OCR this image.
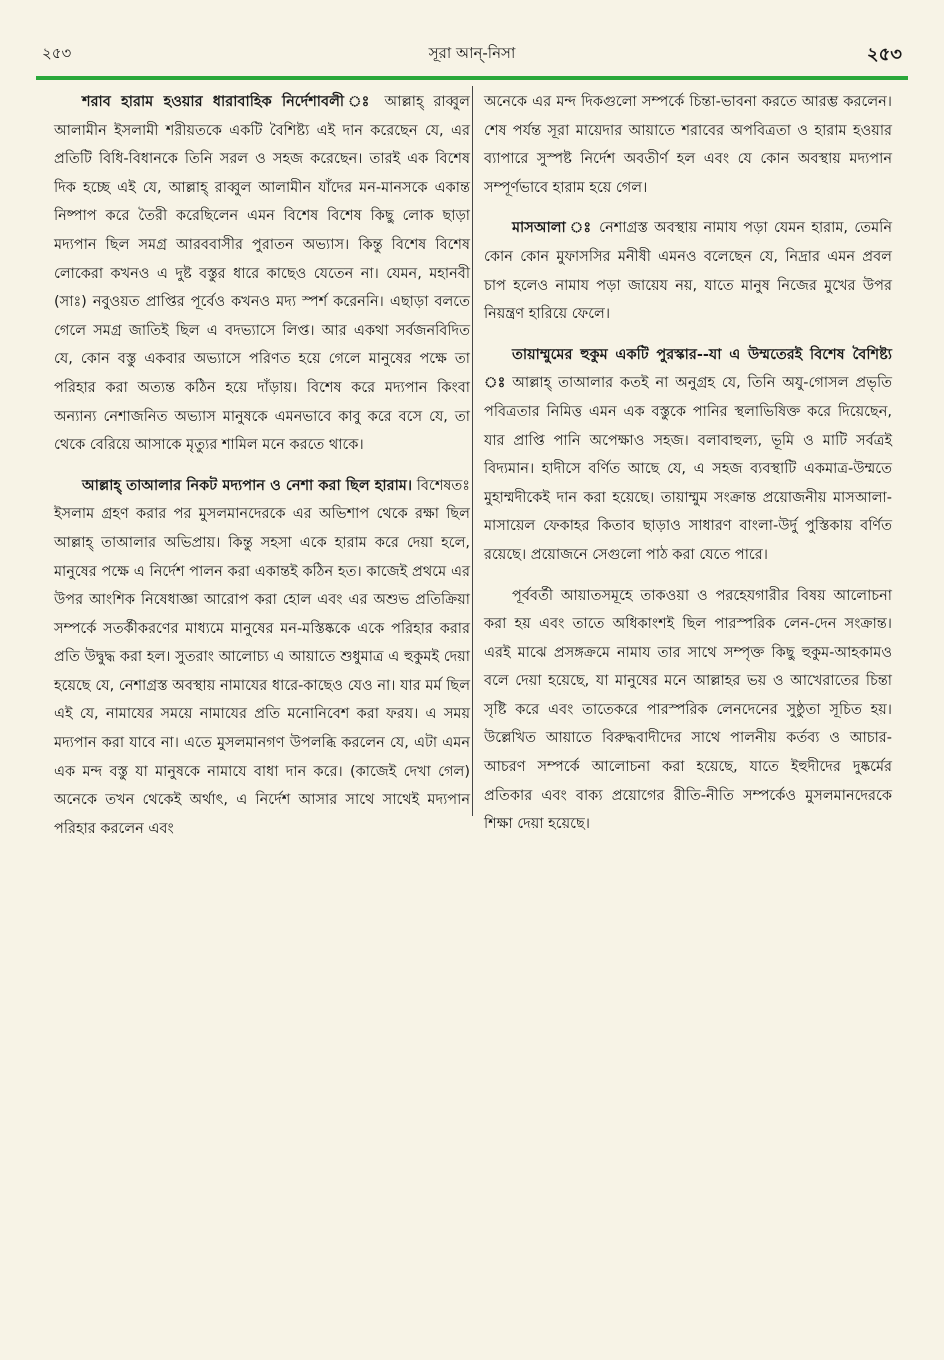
২৫৩	সূরা আন্-নিসা	২৫৩

শরাব হারাম হওয়ার ধারাবাহিক নির্দেশাবলী ঃ আল্লাহ্ রাব্বুল আলামীন ইসলামী শরীয়তকে একটি বৈশিষ্ট্য এই দান করেছেন যে, এর প্রতিটি বিধি-বিধানকে তিনি সরল ও সহজ করেছেন। তারই এক বিশেষ দিক হচ্ছে এই যে, আল্লাহ্ রাব্বুল আলামীন যাঁদের মন-মানসকে একান্ত নিষ্পাপ করে তৈরী করেছিলেন এমন বিশেষ বিশেষ কিছু লোক ছাড়া মদ্যপান ছিল সমগ্র আরববাসীর পুরাতন অভ্যাস। কিন্তু বিশেষ বিশেষ লোকেরা কখনও এ দুষ্ট বস্তুর ধারে কাছেও যেতেন না। যেমন, মহানবী (সাঃ) নবুওয়ত প্রাপ্তির পূর্বেও কখনও মদ্য স্পর্শ করেননি। এছাড়া বলতে গেলে সমগ্র জাতিই ছিল এ বদভ্যাসে লিপ্ত। আর একথা সর্বজনবিদিত যে, কোন বস্তু একবার অভ্যাসে পরিণত হয়ে গেলে মানুষের পক্ষে তা পরিহার করা অত্যন্ত কঠিন হয়ে দাঁড়ায়। বিশেষ করে মদ্যপান কিংবা অন্যান্য নেশাজনিত অভ্যাস মানুষকে এমনভাবে কাবু করে বসে যে, তা থেকে বেরিয়ে আসাকে মৃত্যুর শামিল মনে করতে থাকে।

আল্লাহ্ তাআলার নিকট মদ্যপান ও নেশা করা ছিল হারাম। বিশেষতঃ ইসলাম গ্রহণ করার পর মুসলমানদেরকে এর অভিশাপ থেকে রক্ষা ছিল আল্লাহ্ তাআলার অভিপ্রায়। কিন্তু সহসা একে হারাম করে দেয়া হলে, মানুষের পক্ষে এ নির্দেশ পালন করা একান্তই কঠিন হত। কাজেই প্রথমে এর উপর আংশিক নিষেধাজ্ঞা আরোপ করা হোল এবং এর অশুভ প্রতিক্রিয়া সম্পর্কে সতর্কীকরণের মাধ্যমে মানুষের মন-মস্তিষ্ককে একে পরিহার করার প্রতি উদ্বুদ্ধ করা হল। সুতরাং আলোচ্য এ আয়াতে শুধুমাত্র এ হুকুমই দেয়া হয়েছে যে, নেশাগ্রস্ত অবস্থায় নামাযের ধারে-কাছেও যেও না। যার মর্ম ছিল এই যে, নামাযের সময়ে নামাযের প্রতি মনোনিবেশ করা ফরয। এ সময় মদ্যপান করা যাবে না। এতে মুসলমানগণ উপলব্ধি করলেন যে, এটা এমন এক মন্দ বস্তু যা মানুষকে নামাযে বাধা দান করে। (কাজেই দেখা গেল) অনেকে তখন থেকেই অর্থাৎ, এ নির্দেশ আসার সাথে সাথেই মদ্যপান পরিহার করলেন এবং

অনেকে এর মন্দ দিকগুলো সম্পর্কে চিন্তা-ভাবনা করতে আরম্ভ করলেন। শেষ পর্যন্ত সূরা মায়েদার আয়াতে শরাবের অপবিত্রতা ও হারাম হওয়ার ব্যাপারে সুস্পষ্ট নির্দেশ অবতীর্ণ হল এবং যে কোন অবস্থায় মদ্যপান সম্পূর্ণভাবে হারাম হয়ে গেল।

মাসআলা ঃ নেশাগ্রস্ত অবস্থায় নামায পড়া যেমন হারাম, তেমনি কোন কোন মুফাসসির মনীষী এমনও বলেছেন যে, নিদ্রার এমন প্রবল চাপ হলেও নামায পড়া জায়েয নয়, যাতে মানুষ নিজের মুখের উপর নিয়ন্ত্রণ হারিয়ে ফেলে।

তায়াম্মুমের হুকুম একটি পুরস্কার--যা এ উম্মতেরই বিশেষ বৈশিষ্ট্য ঃ আল্লাহ্ তাআলার কতই না অনুগ্রহ যে, তিনি অযু-গোসল প্রভৃতি পবিত্রতার নিমিত্ত এমন এক বস্তুকে পানির স্থলাভিষিক্ত করে দিয়েছেন, যার প্রাপ্তি পানি অপেক্ষাও সহজ। বলাবাহুল্য, ভূমি ও মাটি সর্বত্রই বিদ্যমান। হাদীসে বর্ণিত আছে যে, এ সহজ ব্যবস্থাটি একমাত্র-উম্মতে মুহাম্মদীকেই দান করা হয়েছে। তায়াম্মুম সংক্রান্ত প্রয়োজনীয় মাসআলা-মাসায়েল ফেকাহর কিতাব ছাড়াও সাধারণ বাংলা-উর্দু পুস্তিকায় বর্ণিত রয়েছে। প্রয়োজনে সেগুলো পাঠ করা যেতে পারে।

পূর্ববর্তী আয়াতসমূহে তাকওয়া ও পরহেযগারীর বিষয় আলোচনা করা হয় এবং তাতে অধিকাংশই ছিল পারস্পরিক লেন-দেন সংক্রান্ত। এরই মাঝে প্রসঙ্গক্রমে নামায তার সাথে সম্পৃক্ত কিছু হুকুম-আহকামও বলে দেয়া হয়েছে, যা মানুষের মনে আল্লাহর ভয় ও আখেরাতের চিন্তা সৃষ্টি করে এবং তাতেকরে পারস্পরিক লেনদেনের সুষ্ঠুতা সূচিত হয়। উল্লেখিত আয়াতে বিরুদ্ধবাদীদের সাথে পালনীয় কর্তব্য ও আচার-আচরণ সম্পর্কে আলোচনা করা হয়েছে, যাতে ইহুদীদের দুষ্কর্মের প্রতিকার এবং বাক্য প্রয়োগের রীতি-নীতি সম্পর্কেও মুসলমানদেরকে শিক্ষা দেয়া হয়েছে।
